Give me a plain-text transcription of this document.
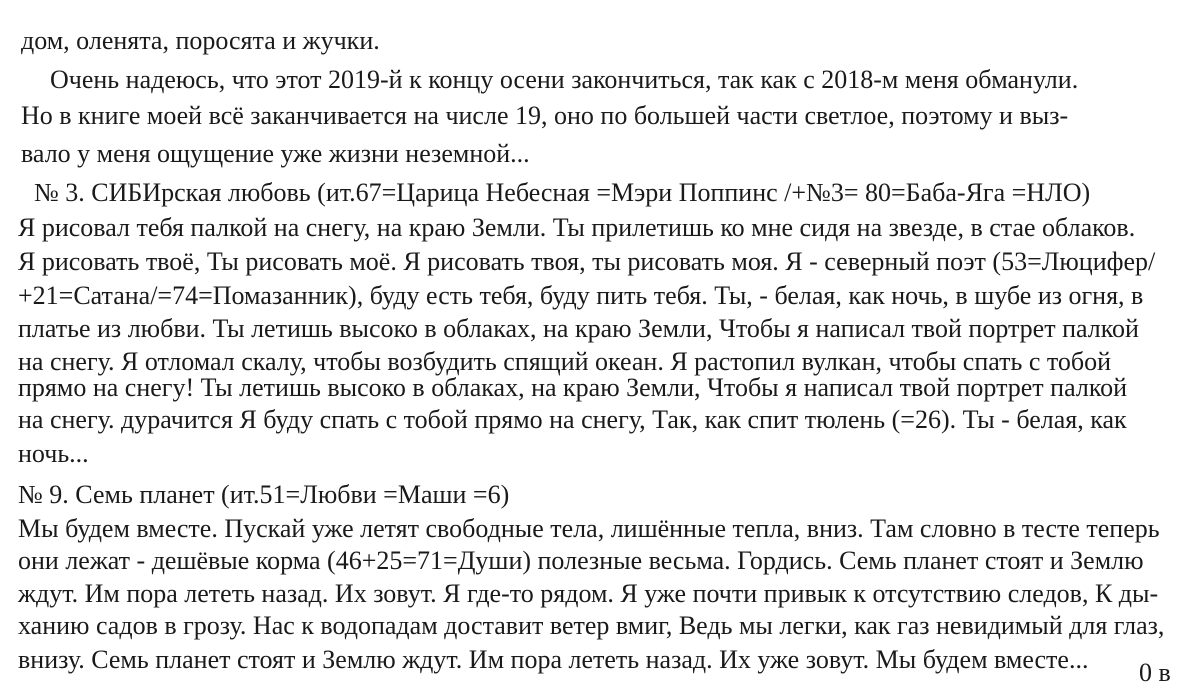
дом, оленята, поросята и жучки.
Очень надеюсь, что этот 2019-й к концу осени закончиться, так как с 2018-м меня обманули.
Но в книге моей всё заканчивается на числе 19, оно по большей части светлое, поэтому и выз-
вало у меня ощущение уже жизни неземной...
№ 3. СИБИрская любовь (ит.67=Царица Небесная =Мэри Поппинс /+№3= 80=Баба-Яга =НЛО)
Я рисовал тебя палкой на снегу, на краю Земли. Ты прилетишь ко мне сидя на звезде, в стае облаков.
Я рисовать твоё, Ты рисовать моё. Я рисовать твоя, ты рисовать моя. Я - северный поэт (53=Люцифер/
+21=Сатана/=74=Помазанник), буду есть тебя, буду пить тебя. Ты, - белая, как ночь, в шубе из огня, в
платье из любви. Ты летишь высоко в облаках, на краю Земли, Чтобы я написал твой портрет палкой
на снегу. Я отломал скалу, чтобы возбудить спящий океан. Я растопил вулкан, чтобы спать с тобой
прямо на снегу! Ты летишь высоко в облаках, на краю Земли, Чтобы я написал твой портрет палкой
на снегу. дурачится Я буду спать с тобой прямо на снегу, Так, как спит тюлень (=26). Ты - белая, как
ночь...
№ 9. Семь планет (ит.51=Любви =Маши =6)
Мы будем вместе. Пускай уже летят свободные тела, лишённые тепла, вниз. Там словно в тесте теперь
они лежат - дешёвые корма (46+25=71=Души) полезные весьма. Гордись. Семь планет стоят и Землю
ждут. Им пора лететь назад. Их зовут. Я где-то рядом. Я уже почти привык к отсутствию следов, К ды-
ханию садов в грозу. Нас к водопадам доставит ветер вмиг, Ведь мы легки, как газ невидимый для глаз,
внизу. Семь планет стоят и Землю ждут. Им пора лететь назад. Их уже зовут. Мы будем вместе... 0 в
